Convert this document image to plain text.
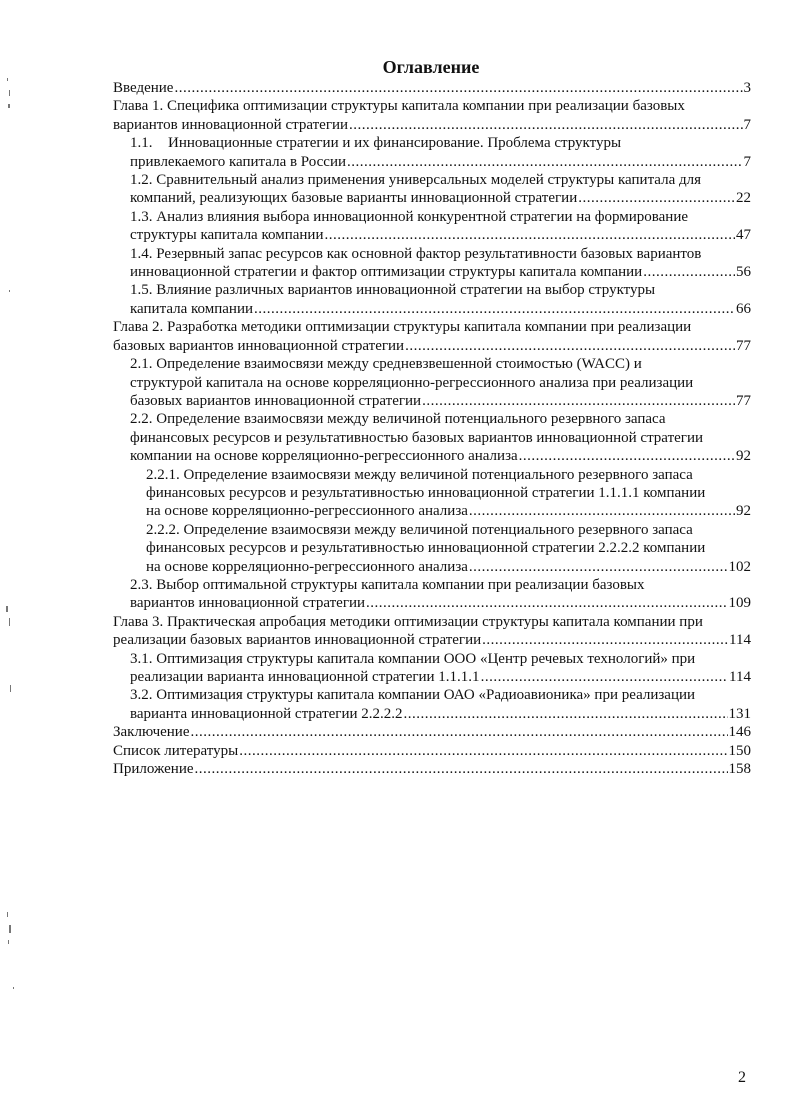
Оглавление
Введение .....	3
Глава 1. Специфика оптимизации структуры капитала компании при реализации базовых
вариантов инновационной стратегии .....	7
1.1. Инновационные стратегии и их финансирование. Проблема структуры
привлекаемого капитала в России .....	7
1.2. Сравнительный анализ применения универсальных моделей структуры капитала для
компаний, реализующих базовые варианты инновационной стратегии .....	22
1.3. Анализ влияния выбора инновационной конкурентной стратегии на формирование
структуры капитала компании .....	47
1.4. Резервный запас ресурсов как основной фактор результативности базовых вариантов
инновационной стратегии и фактор оптимизации структуры капитала компании .....	56
1.5. Влияние различных вариантов инновационной стратегии на выбор структуры
капитала компании .....	66
Глава 2. Разработка методики оптимизации структуры капитала компании при реализации
базовых вариантов инновационной стратегии .....	77
2.1. Определение взаимосвязи между средневзвешенной стоимостью (WACC) и
структурой капитала на основе корреляционно-регрессионного анализа при реализации
базовых вариантов инновационной стратегии .....	77
2.2. Определение взаимосвязи между величиной потенциального резервного запаса
финансовых ресурсов и результативностью базовых вариантов инновационной стратегии
компании на основе корреляционно-регрессионного анализа .....	92
2.2.1. Определение взаимосвязи между величиной потенциального резервного запаса
финансовых ресурсов и результативностью инновационной стратегии 1.1.1.1 компании
на основе корреляционно-регрессионного анализа .....	92
2.2.2. Определение взаимосвязи между величиной потенциального резервного запаса
финансовых ресурсов и результативностью инновационной стратегии 2.2.2.2 компании
на основе корреляционно-регрессионного анализа .....	102
2.3. Выбор оптимальной структуры капитала компании при реализации базовых
вариантов инновационной стратегии .....	109
Глава 3. Практическая апробация методики оптимизации структуры капитала компании при
реализации базовых вариантов инновационной стратегии .....	114
3.1. Оптимизация структуры капитала компании ООО «Центр речевых технологий» при
реализации варианта инновационной стратегии 1.1.1.1 .....	114
3.2. Оптимизация структуры капитала компании ОАО «Радиоавионика» при реализации
варианта инновационной стратегии 2.2.2.2 .....	131
Заключение .....	146
Список литературы .....	150
Приложение .....	158
2
